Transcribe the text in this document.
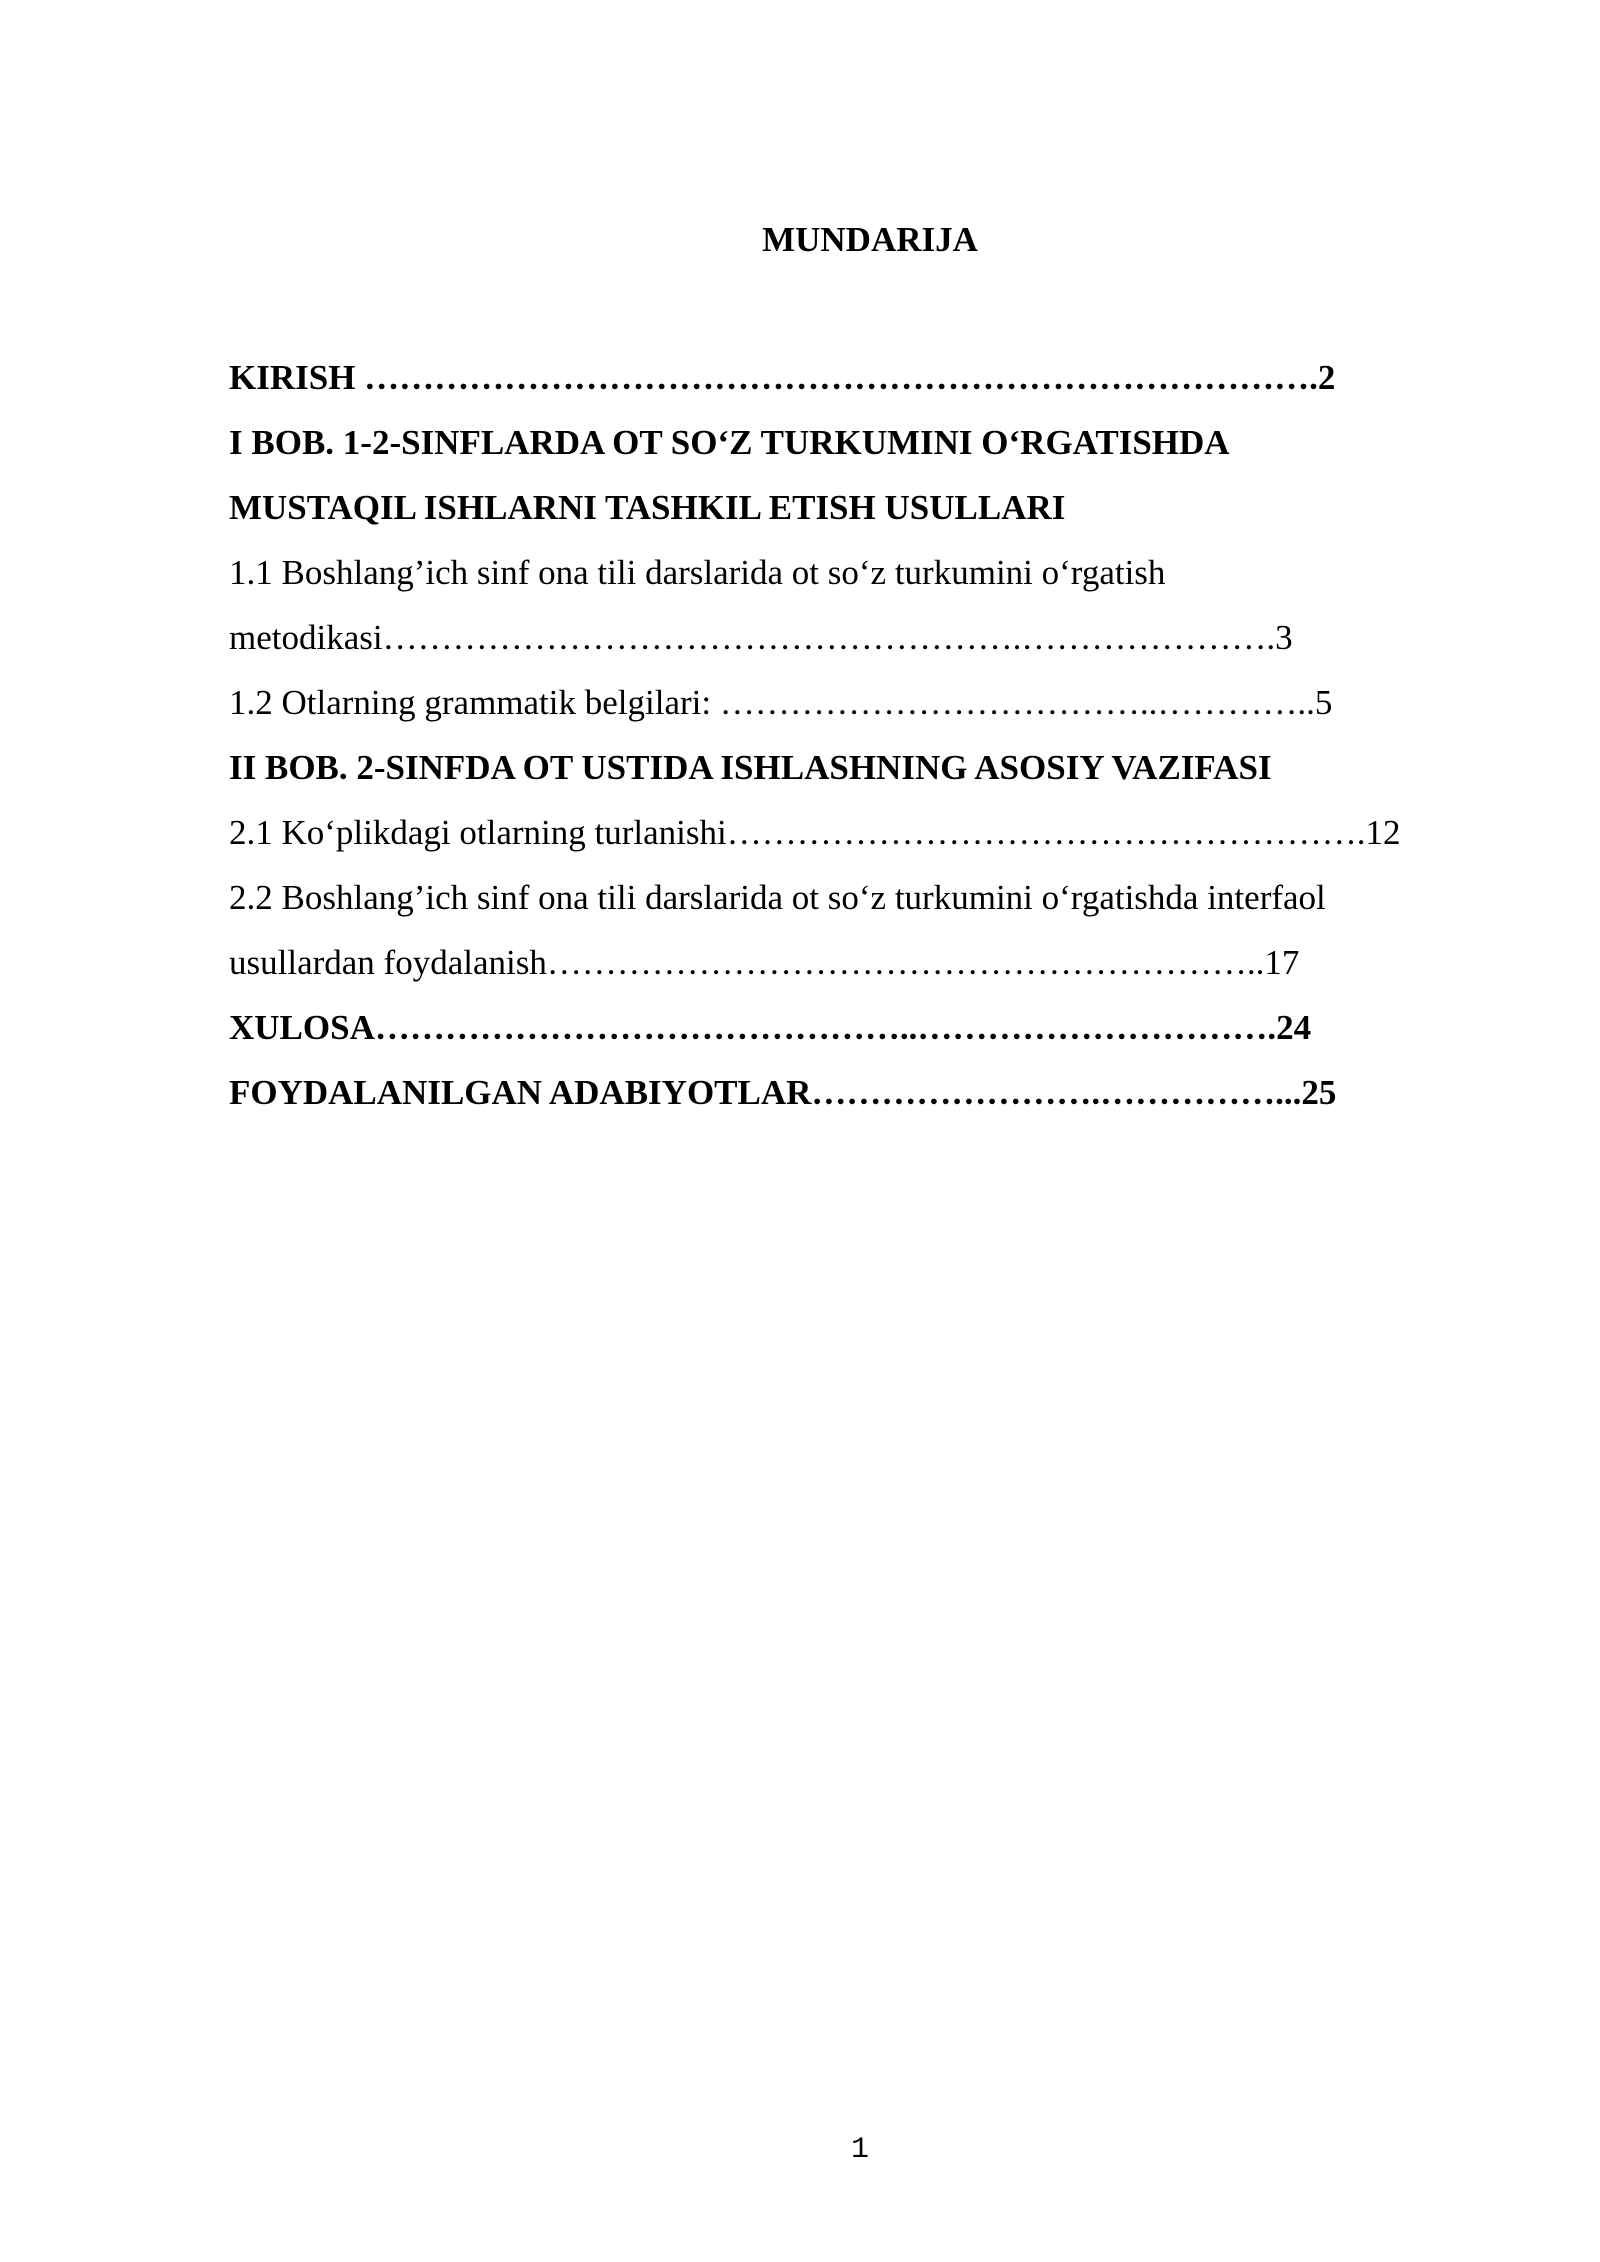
MUNDARIJA
KIRISH ……………………………………………………………………….2
I BOB. 1-2-SINFLARDA OT SO‘Z TURKUMINI O‘RGATISHDA
MUSTAQIL ISHLARNI TASHKIL ETISH USULLARI
1.1 Boshlang’ich sinf ona tili darslarida ot so‘z turkumini o‘rgatish
metodikasi……………………………………………….………………….3
1.2 Otlarning grammatik belgilari: ………………………………..…………..5
II BOB. 2-SINFDA OT USTIDA ISHLASHNING ASOSIY VAZIFASI
2.1 Ko‘plikdagi otlarning turlanishi……………………………………………….12
2.2 Boshlang’ich sinf ona tili darslarida ot so‘z turkumini o‘rgatishda interfaol
usullardan foydalanish……………………………………………………..17
XULOSA………………………………………..………………………….24
FOYDALANILGAN ADABIYOTLAR…………………….……………...25
1
